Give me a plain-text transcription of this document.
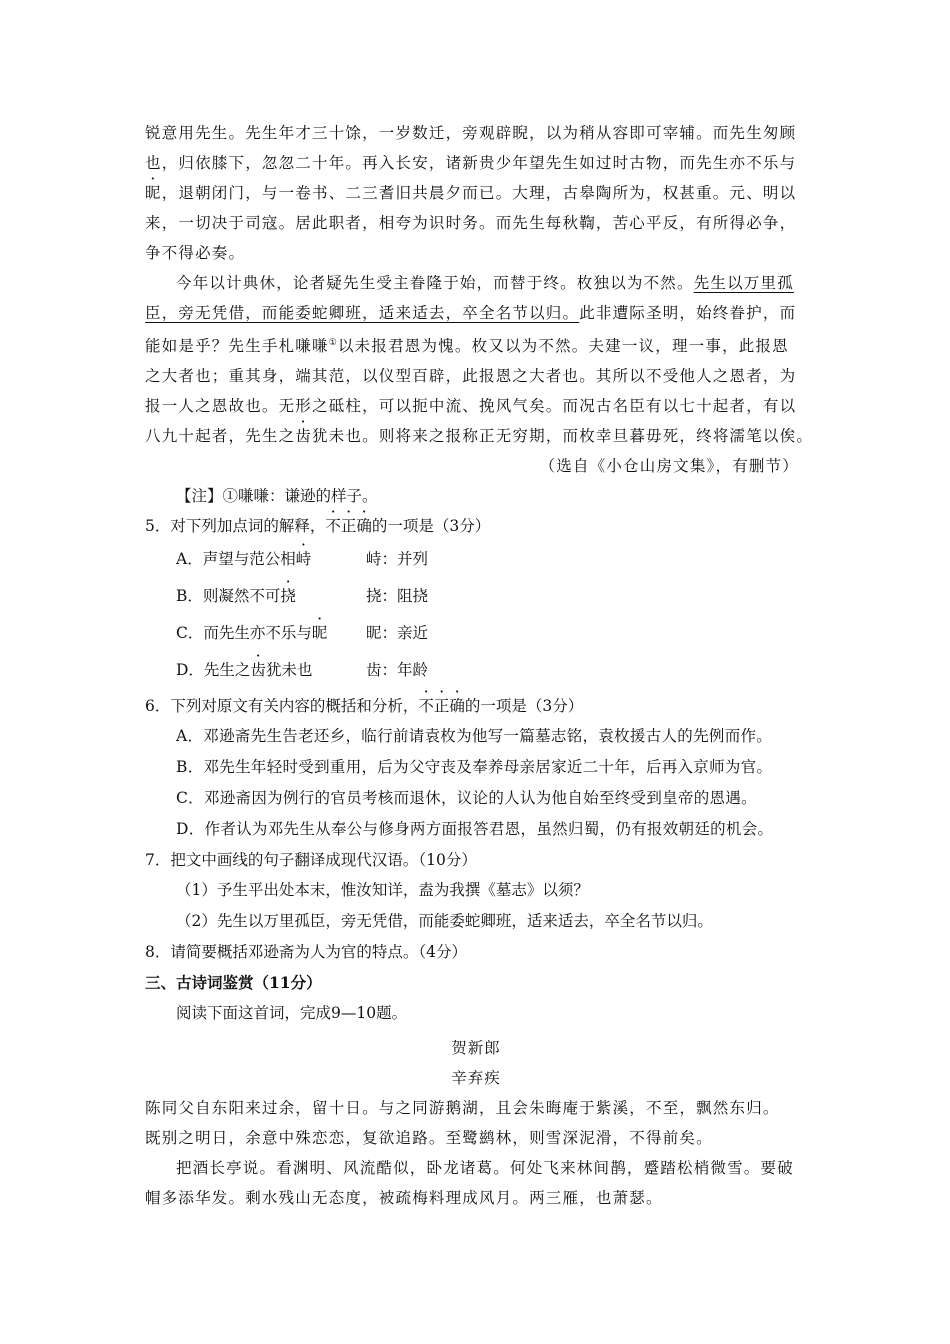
锐意用先生。先生年才三十馀，一岁数迁，旁观辟睨，以为稍从容即可宰辅。而先生匆顾

也，归依膝下，忽忽二十年。再入长安，诸新贵少年望先生如过时古物，而先生亦不乐与

昵，退朝闭门，与一卷书、二三耆旧共晨夕而已。大理，古皋陶所为，权甚重。元、明以

来，一切决于司寇。居此职者，相夸为识时务。而先生每秋鞫，苦心平反，有所得必争，

争不得必奏。

今年以计典休，论者疑先生受主眷隆于始，而替于终。枚独以为不然。先生以万里孤

臣，旁无凭借，而能委蛇卿班，适来适去，卒全名节以归。此非遭际圣明，始终眷护，而

能如是乎？先生手札嗛嗛①以未报君恩为愧。枚又以为不然。夫建一议，理一事，此报恩

之大者也；重其身，端其范，以仪型百辟，此报恩之大者也。其所以不受他人之恩者，为

报一人之恩故也。无形之砥柱，可以扼中流、挽风气矣。而况古名臣有以七十起者，有以

八九十起者，先生之齿犹未也。则将来之报称正无穷期，而枚幸旦暮毋死，终将濡笔以俟。

（选自《小仓山房文集》，有删节）

【注】①嗛嗛：谦逊的样子。

5．对下列加点词的解释，不正确的一项是（3分）

A．声望与范公相峙	峙：并列
B．则凝然不可挠	挠：阻挠
C．而先生亦不乐与昵 昵：亲近
D．先生之齿犹未也	齿：年龄

6．下列对原文有关内容的概括和分析，不正确的一项是（3分）

A．邓逊斋先生告老还乡，临行前请袁枚为他写一篇墓志铭，袁枚援古人的先例而作。
B．邓先生年轻时受到重用，后为父守丧及奉养母亲居家近二十年，后再入京师为官。
C．邓逊斋因为例行的官员考核而退休，议论的人认为他自始至终受到皇帝的恩遇。
D．作者认为邓先生从奉公与修身两方面报答君恩，虽然归蜀，仍有报效朝廷的机会。

7．把文中画线的句子翻译成现代汉语。（10分）

（1）予生平出处本末，惟汝知详，盍为我撰《墓志》以须？
（2）先生以万里孤臣，旁无凭借，而能委蛇卿班，适来适去，卒全名节以归。

8．请简要概括邓逊斋为人为官的特点。（4分）

三、古诗词鉴赏（11分）
阅读下面这首词，完成9—10题。
贺新郎
辛弃疾

陈同父自东阳来过余，留十日。与之同游鹅湖，且会朱晦庵于紫溪，不至，飘然东归。

既别之明日，余意中殊恋恋，复欲追路。至鹭鹚林，则雪深泥滑，不得前矣。

把酒长亭说。看渊明、风流酷似，卧龙诸葛。何处飞来林间鹊，蹙踏松梢微雪。要破

帽多添华发。剩水残山无态度，被疏梅料理成风月。两三雁，也萧瑟。
